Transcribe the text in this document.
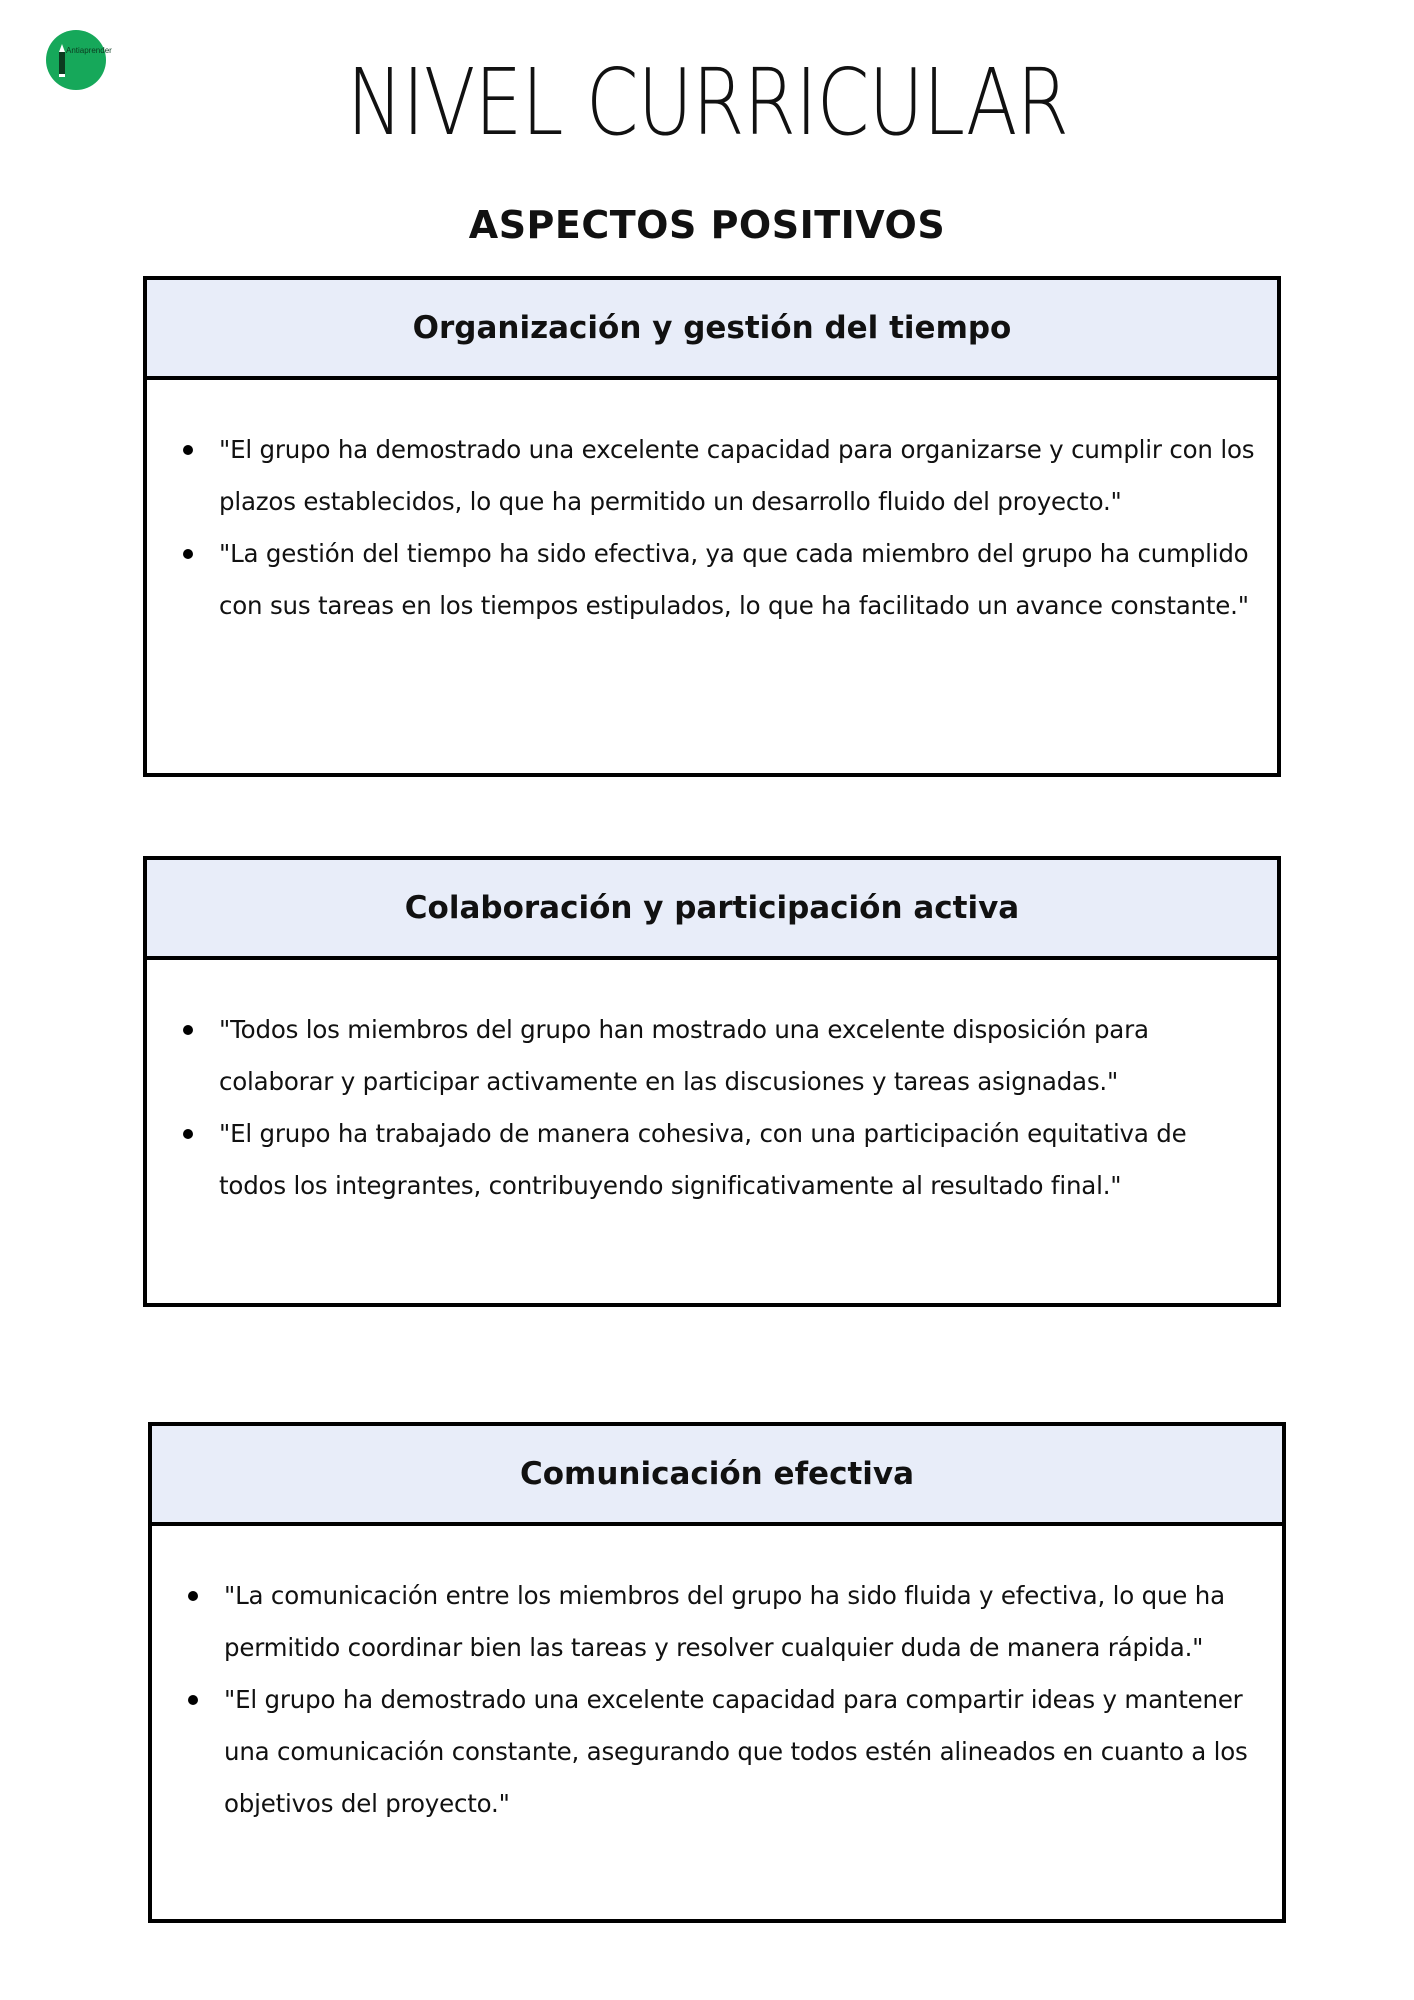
Antiaprender	NIVEL CURRICULAR
ASPECTOS POSITIVOS
Organización y gestión del tiempo
"El grupo ha demostrado una excelente capacidad para organizarse y cumplir con los plazos establecidos, lo que ha permitido un desarrollo fluido del proyecto."
"La gestión del tiempo ha sido efectiva, ya que cada miembro del grupo ha cumplido con sus tareas en los tiempos estipulados, lo que ha facilitado un avance constante."
Colaboración y participación activa
"Todos los miembros del grupo han mostrado una excelente disposición para colaborar y participar activamente en las discusiones y tareas asignadas."
"El grupo ha trabajado de manera cohesiva, con una participación equitativa de todos los integrantes, contribuyendo significativamente al resultado final."
Comunicación efectiva
"La comunicación entre los miembros del grupo ha sido fluida y efectiva, lo que ha permitido coordinar bien las tareas y resolver cualquier duda de manera rápida."
"El grupo ha demostrado una excelente capacidad para compartir ideas y mantener una comunicación constante, asegurando que todos estén alineados en cuanto a los objetivos del proyecto."
